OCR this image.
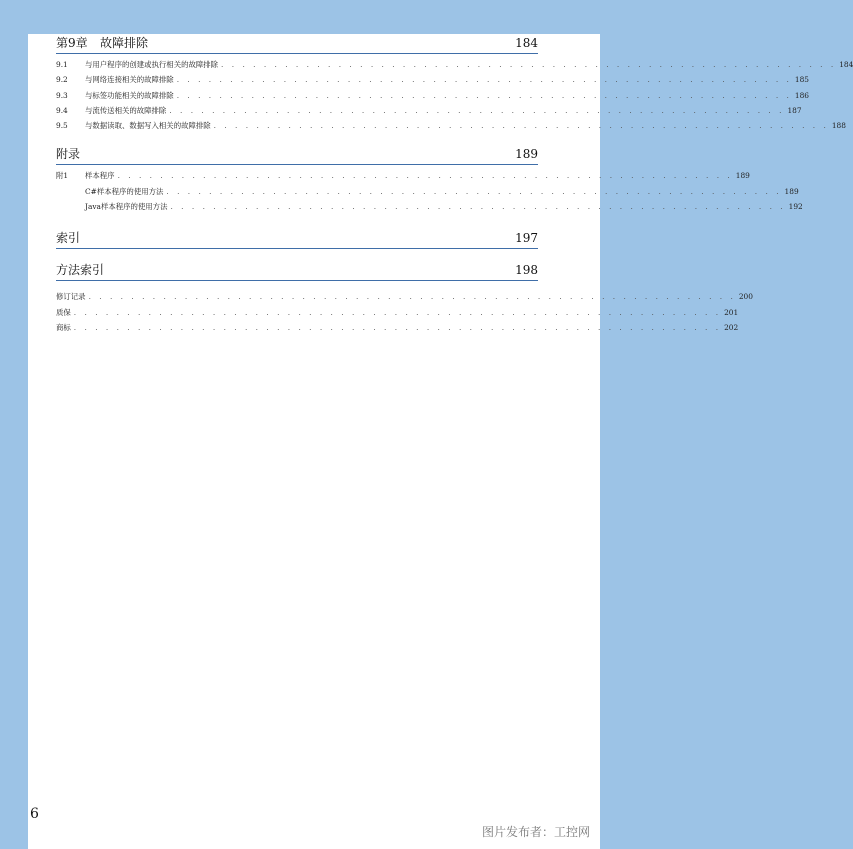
第9章	故障排除	184
9.1	与用户程序的创建或执行相关的故障排除 . . . . . . . . . . . . . . . . . . . . . . . . . . . . . . . . . . . . . . . . . . . . . . . . . . . . . . . . . . 184
9.2	与网络连接相关的故障排除 . . . . . . . . . . . . . . . . . . . . . . . . . . . . . . . . . . . . . . . . . . . . . . . . . . . . . . . . . . 185
9.3	与标签功能相关的故障排除 . . . . . . . . . . . . . . . . . . . . . . . . . . . . . . . . . . . . . . . . . . . . . . . . . . . . . . . . . . 186
9.4	与流传送相关的故障排除 . . . . . . . . . . . . . . . . . . . . . . . . . . . . . . . . . . . . . . . . . . . . . . . . . . . . . . . . . . 187
9.5	与数据读取、数据写入相关的故障排除 . . . . . . . . . . . . . . . . . . . . . . . . . . . . . . . . . . . . . . . . . . . . . . . . . . . . . . . . . . 188
附录	189
附1	样本程序 . . . . . . . . . . . . . . . . . . . . . . . . . . . . . . . . . . . . . . . . . . . . . . . . . . . . . . . . . . 189
C#样本程序的使用方法 . . . . . . . . . . . . . . . . . . . . . . . . . . . . . . . . . . . . . . . . . . . . . . . . . . . . . . . . . . 189
Java样本程序的使用方法 . . . . . . . . . . . . . . . . . . . . . . . . . . . . . . . . . . . . . . . . . . . . . . . . . . . . . . . . . . 192
索引	197
方法索引	198
修订记录 . . . . . . . . . . . . . . . . . . . . . . . . . . . . . . . . . . . . . . . . . . . . . . . . . . . . . . . . . . . . . 200
质保 . . . . . . . . . . . . . . . . . . . . . . . . . . . . . . . . . . . . . . . . . . . . . . . . . . . . . . . . . . . . . 201
商标 . . . . . . . . . . . . . . . . . . . . . . . . . . . . . . . . . . . . . . . . . . . . . . . . . . . . . . . . . . . . . 202
6
图片发布者：工控网
